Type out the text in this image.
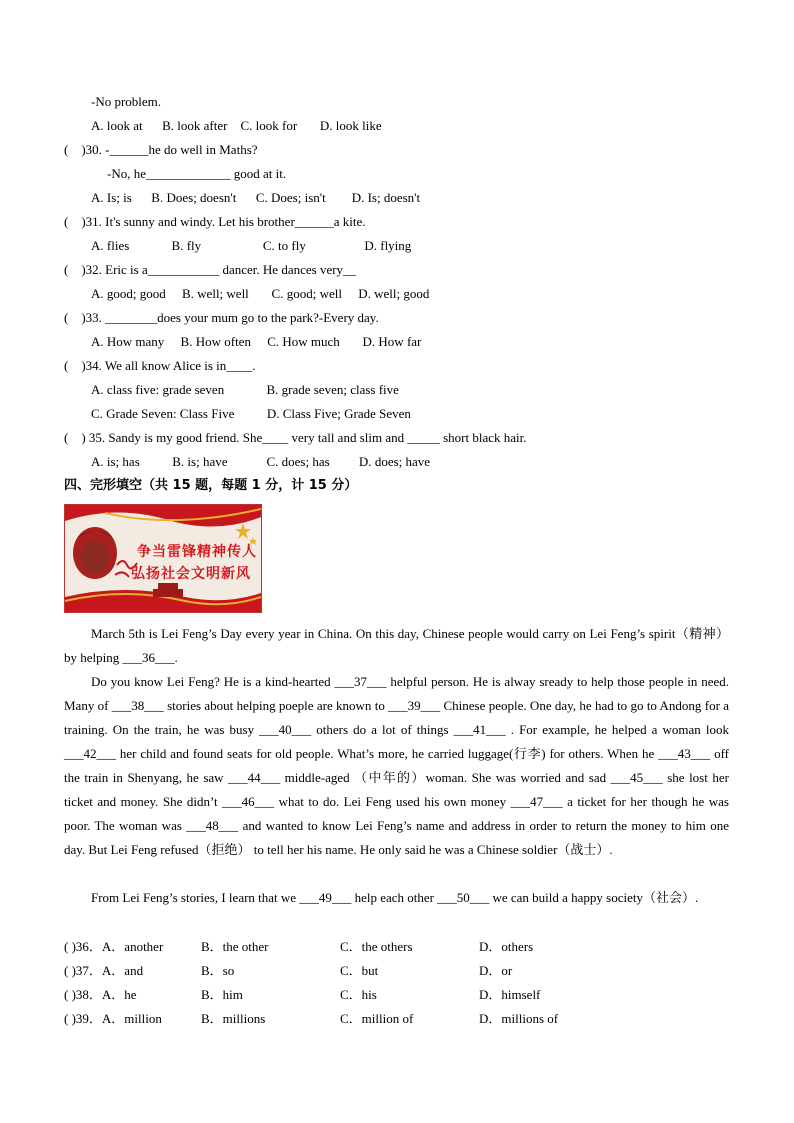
-No problem.
A. look at      B. look after    C. look for       D. look like
(    )30. -______he do well in Maths?
-No, he_____________ good at it.
A. Is; is      B. Does; doesn't      C. Does; isn't        D. Is; doesn't
(    )31. It's sunny and windy. Let his brother______a kite.
A. flies             B. fly                   C. to fly                  D. flying
(    )32. Eric is a___________ dancer. He dances very__
A. good; good     B. well; well       C. good; well     D. well; good
(    )33. ________does your mum go to the park?-Every day.
A. How many     B. How often     C. How much       D. How far
(    )34. We all know Alice is in____.
A. class five: grade seven             B. grade seven; class five
C. Grade Seven: Class Five          D. Class Five; Grade Seven
(    ) 35. Sandy is my good friend. She____ very tall and slim and _____ short black hair.
A. is; has          B. is; have            C. does; has         D. does; have
四、完形填空（共 15 题，每题 1 分，计 15 分）
争当雷锋精神传人
弘扬社会文明新风
March 5th is Lei Feng’s Day every year in China. On this day, Chinese people would carry on Lei Feng’s spirit（精神） by helping ___36___.
Do you know Lei Feng? He is a kind-hearted ___37___ helpful person. He is alway sready to help those people in need. Many of ___38___ stories about helping poeple are known to ___39___ Chinese people. One day, he had to go to Andong for a training. On the train, he was busy ___40___ others do a lot of things ___41___ . For example, he helped a woman look ___42___ her child and found seats for old people. What’s more, he carried luggage(行李) for others. When he ___43___ off the train in Shenyang, he saw ___44___ middle-aged （中年的）woman. She was worried and sad ___45___ she lost her ticket and money. She didn’t ___46___ what to do. Lei Feng used his own money ___47___ a ticket for her though he was poor. The woman was ___48___ and wanted to know Lei Feng’s name and address in order to return the money to him one day. But Lei Feng refused（拒绝） to tell her his name. He only said he was a Chinese soldier（战士）.
From Lei Feng’s stories, I learn that we ___49___ help each other ___50___ we can build a happy society（社会）.
( )36．A．another	B．the other	C．the others	D．others
( )37．A．and	B．so	C．but	D．or
( )38．A．he	B．him	C．his	D．himself
( )39．A．million	B．millions	C．million of	D．millions of
